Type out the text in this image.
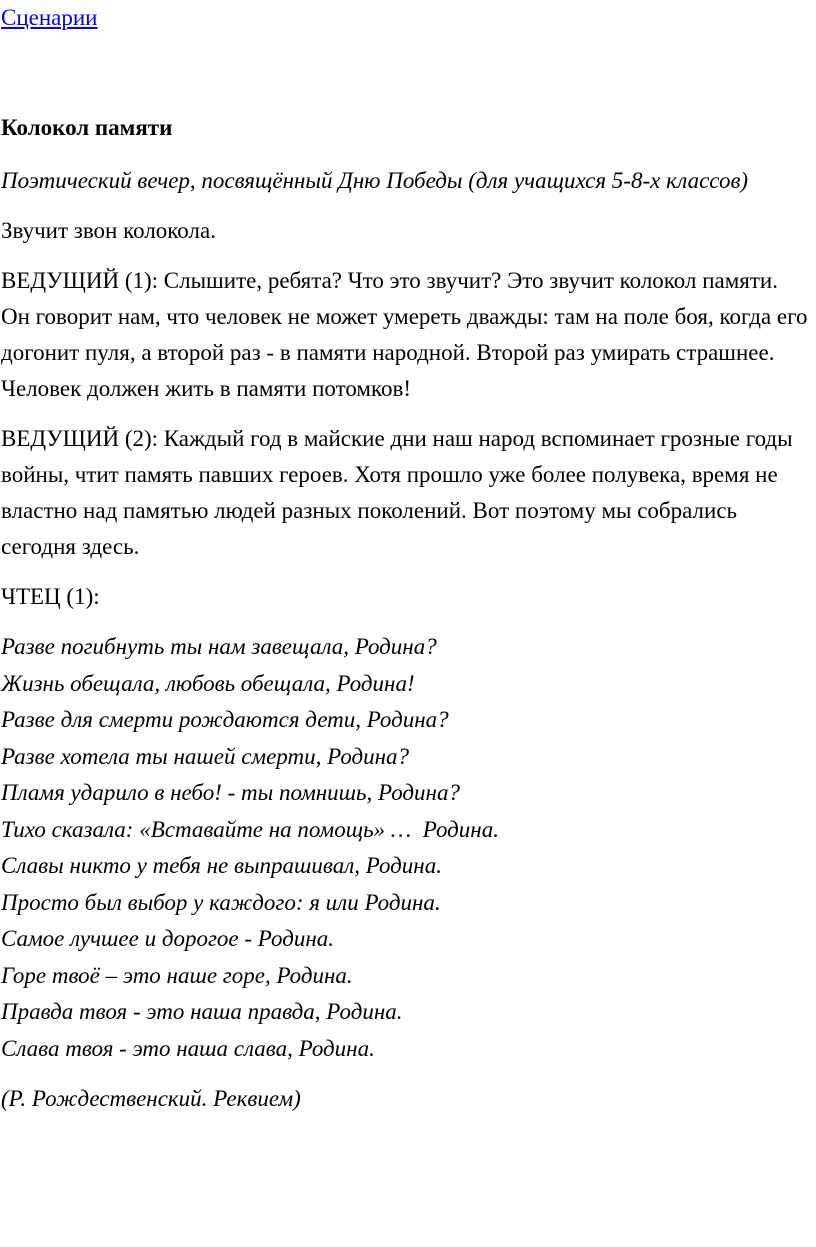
Сценарии
Колокол памяти

Поэтический вечер, посвящённый Дню Победы (для учащихся 5-8-х классов)

Звучит звон колокола.

ВЕДУЩИЙ (1): Слышите, ребята? Что это звучит? Это звучит колокол памяти. Он говорит нам, что человек не может умереть дважды: там на поле боя, когда его догонит пуля, а второй раз - в памяти народной. Второй раз умирать страшнее. Человек должен жить в памяти потомков!

ВЕДУЩИЙ (2): Каждый год в майские дни наш народ вспоминает грозные годы войны, чтит память павших героев. Хотя прошло уже более полувека, время не властно над памятью людей разных поколений. Вот поэтому мы собрались сегодня здесь.

ЧТЕЦ (1):

Разве погибнуть ты нам завещала, Родина?
Жизнь обещала, любовь обещала, Родина!
Разве для смерти рождаются дети, Родина?
Разве хотела ты нашей смерти, Родина?
Пламя ударило в небо! - ты помнишь, Родина?
Тихо сказала: «Вставайте на помощь» …  Родина.
Славы никто у тебя не выпрашивал, Родина.
Просто был выбор у каждого: я или Родина.
Самое лучшее и дорогое - Родина.
Горе твоё – это наше горе, Родина.
Правда твоя - это наша правда, Родина.
Слава твоя - это наша слава, Родина.

(Р. Рождественский. Реквием)
